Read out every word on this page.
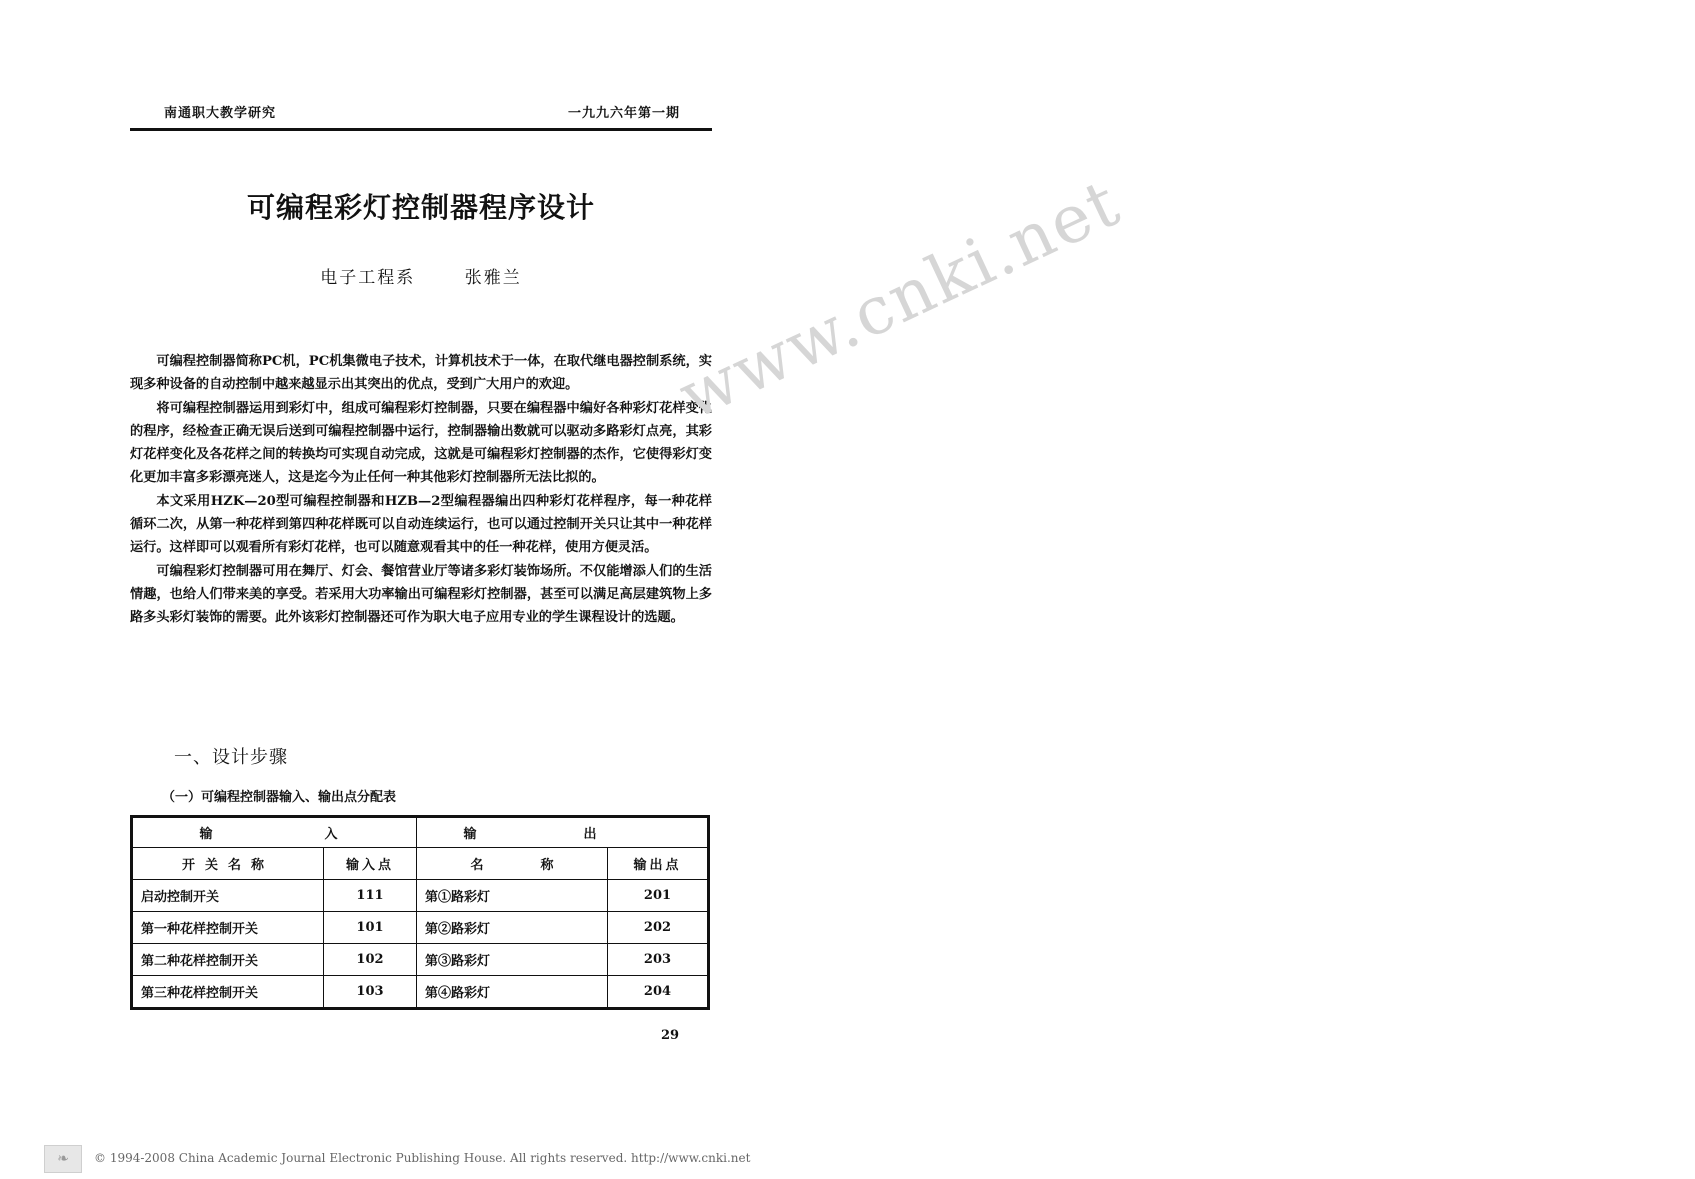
南通职大教学研究	一九九六年第一期
可编程彩灯控制器程序设计
电子工程系	张雅兰

可编程控制器简称PC机，PC机集微电子技术，计算机技术于一体，在取代继电器控制系统，实现多种设备的自动控制中越来越显示出其突出的优点，受到广大用户的欢迎。

将可编程控制器运用到彩灯中，组成可编程彩灯控制器，只要在编程器中编好各种彩灯花样变化的程序，经检查正确无误后送到可编程控制器中运行，控制器输出数就可以驱动多路彩灯点亮，其彩灯花样变化及各花样之间的转换均可实现自动完成，这就是可编程彩灯控制器的杰作，它使得彩灯变化更加丰富多彩漂亮迷人，这是迄今为止任何一种其他彩灯控制器所无法比拟的。

本文采用HZK—20型可编程控制器和HZB—2型编程器编出四种彩灯花样程序，每一种花样循环二次，从第一种花样到第四种花样既可以自动连续运行，也可以通过控制开关只让其中一种花样运行。这样即可以观看所有彩灯花样，也可以随意观看其中的任一种花样，使用方便灵活。

可编程彩灯控制器可用在舞厅、灯会、餐馆营业厅等诸多彩灯装饰场所。不仅能增添人们的生活情趣，也给人们带来美的享受。若采用大功率输出可编程彩灯控制器，甚至可以满足高层建筑物上多路多头彩灯装饰的需要。此外该彩灯控制器还可作为职大电子应用专业的学生课程设计的选题。

一、设计步骤
（一）可编程控制器输入、输出点分配表
输 入		输 出	
开关名称	输入点	名 称	输出点
启动控制开关	111	第①路彩灯	201
第一种花样控制开关	101	第②路彩灯	202
第二种花样控制开关	102	第③路彩灯	203
第三种花样控制开关	103	第④路彩灯	204
29
www.cnki.net
❧	© 1994-2008 China Academic Journal Electronic Publishing House. All rights reserved. http://www.cnki.net
